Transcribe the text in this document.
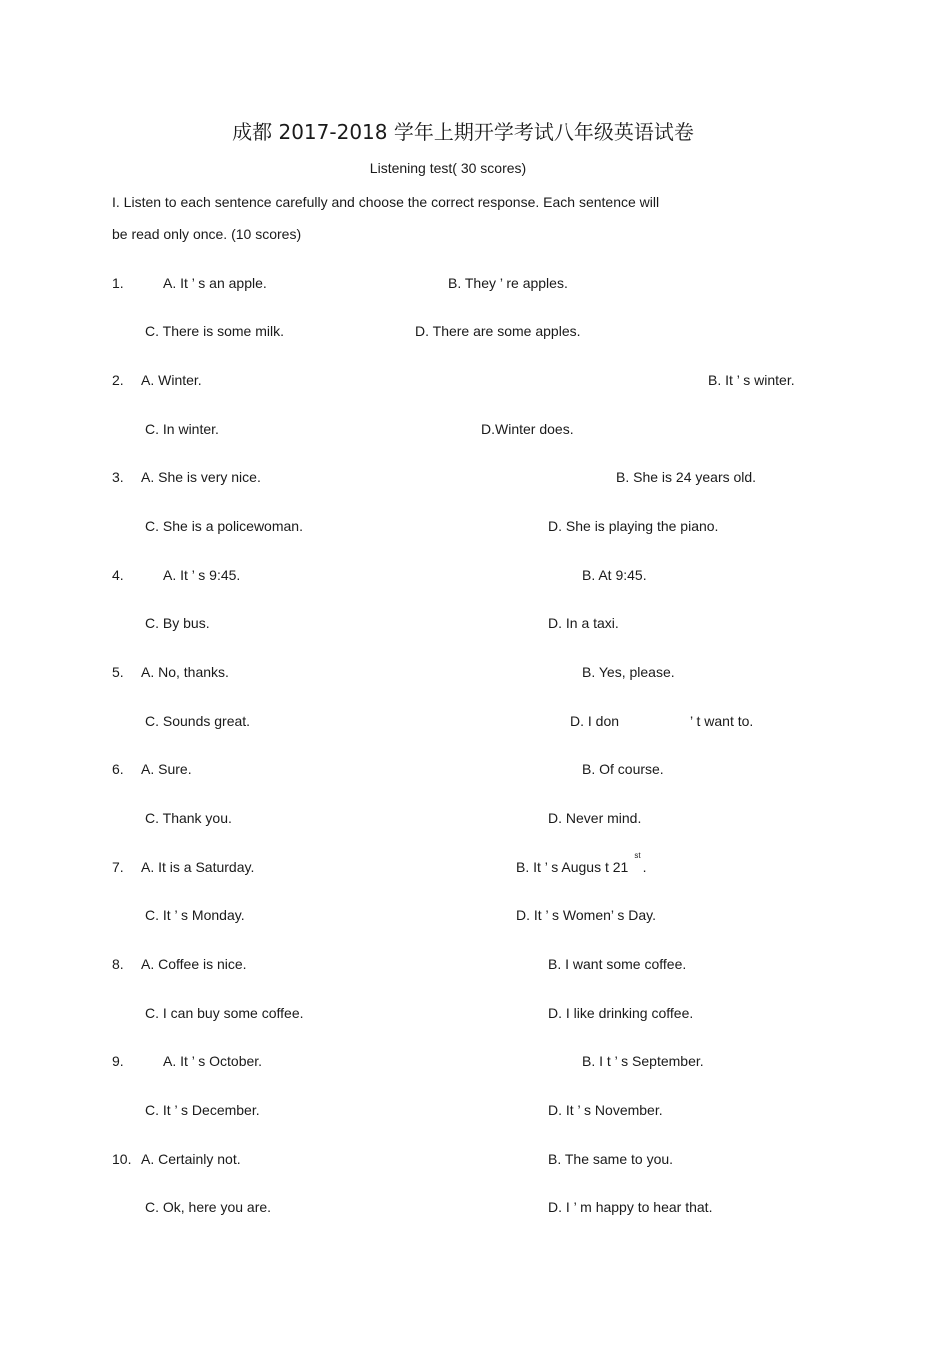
成都 2017-2018 学年上期开学考试八年级英语试卷
Listening test( 30 scores)
I. Listen to each sentence carefully and choose the correct response. Each sentence will
be read only once. (10 scores)
1.	A. It ’ s an apple.	B. They ’ re apples.
C. There is some milk.	D. There are some apples.
2. A. Winter.	B. It ’ s winter.
C. In winter.	D.Winter does.
3. A. She is very nice.	B. She is 24 years old.
C. She is a policewoman.	D. She is playing the piano.
4.	A. It ’ s 9:45.	B. At 9:45.
C. By bus.	D. In a taxi.
5. A. No, thanks.	B. Yes, please.
C. Sounds great.	D. I don	’ t want to.
6. A. Sure.	B. Of course.
C. Thank you.	D. Never mind.
7. A. It is a Saturday.	B. It ’ s Augus t 21st.
C. It ’ s Monday.	D. It ’ s Women’ s Day.
8. A. Coffee is nice.	B. I want some coffee.
C. I can buy some coffee.	D. I like drinking coffee.
9.	A. It ’ s October.	B. I t ’ s September.
C. It ’ s December.	D. It ’ s November.
10. A. Certainly not.	B. The same to you.
C. Ok, here you are.	D. I ’ m happy to hear that.
